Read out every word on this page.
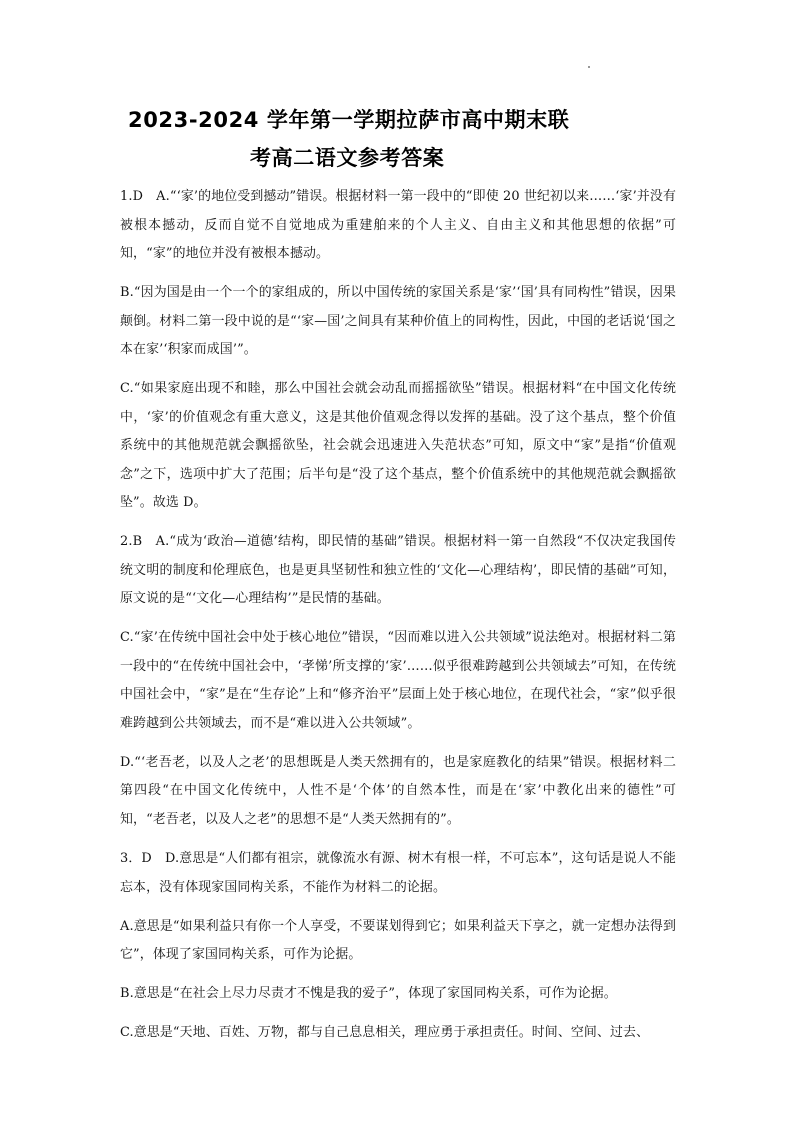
2023-2024 学年第一学期拉萨市高中期末联
考高二语文参考答案

1.D　A.“‘家’的地位受到撼动”错误。根据材料一第一段中的“即使 20 世纪初以来……‘家’并没有被根本撼动，反而自觉不自觉地成为重建舶来的个人主义、自由主义和其他思想的依据”可知，“家”的地位并没有被根本撼动。

B.“因为国是由一个一个的家组成的，所以中国传统的家国关系是‘家’‘国’具有同构性”错误，因果颠倒。材料二第一段中说的是“‘家—国’之间具有某种价值上的同构性，因此，中国的老话说‘国之本在家’‘积家而成国’”。

C.“如果家庭出现不和睦，那么中国社会就会动乱而摇摇欲坠”错误。根据材料“在中国文化传统中，‘家’的价值观念有重大意义，这是其他价值观念得以发挥的基础。没了这个基点，整个价值系统中的其他规范就会飘摇欲坠，社会就会迅速进入失范状态”可知，原文中“家”是指“价值观念”之下，选项中扩大了范围；后半句是“没了这个基点，整个价值系统中的其他规范就会飘摇欲坠”。故选 D。

2.B　A.“成为‘政治—道德’结构，即民情的基础”错误。根据材料一第一自然段“不仅决定我国传统文明的制度和伦理底色，也是更具坚韧性和独立性的‘文化—心理结构’，即民情的基础”可知，原文说的是“‘文化—心理结构’”是民情的基础。

C.“家’在传统中国社会中处于核心地位”错误，“因而难以进入公共领域”说法绝对。根据材料二第一段中的“在传统中国社会中，‘孝悌’所支撑的‘家’……似乎很难跨越到公共领域去”可知，在传统中国社会中，“家”是在“生存论”上和“修齐治平”层面上处于核心地位，在现代社会，“家”似乎很难跨越到公共领域去，而不是“难以进入公共领域”。

D.“‘老吾老，以及人之老’的思想既是人类天然拥有的，也是家庭教化的结果”错误。根据材料二第四段“在中国文化传统中，人性不是‘个体’的自然本性，而是在‘家’中教化出来的德性”可知，“老吾老，以及人之老”的思想不是“人类天然拥有的”。

3．D　D.意思是“人们都有祖宗，就像流水有源、树木有根一样，不可忘本”，这句话是说人不能忘本，没有体现家国同构关系，不能作为材料二的论据。

A.意思是“如果利益只有你一个人享受，不要谋划得到它；如果利益天下享之，就一定想办法得到它”，体现了家国同构关系，可作为论据。

B.意思是“在社会上尽力尽责才不愧是我的爱子”，体现了家国同构关系，可作为论据。

C.意思是“天地、百姓、万物，都与自己息息相关，理应勇于承担责任。时间、空间、过去、
